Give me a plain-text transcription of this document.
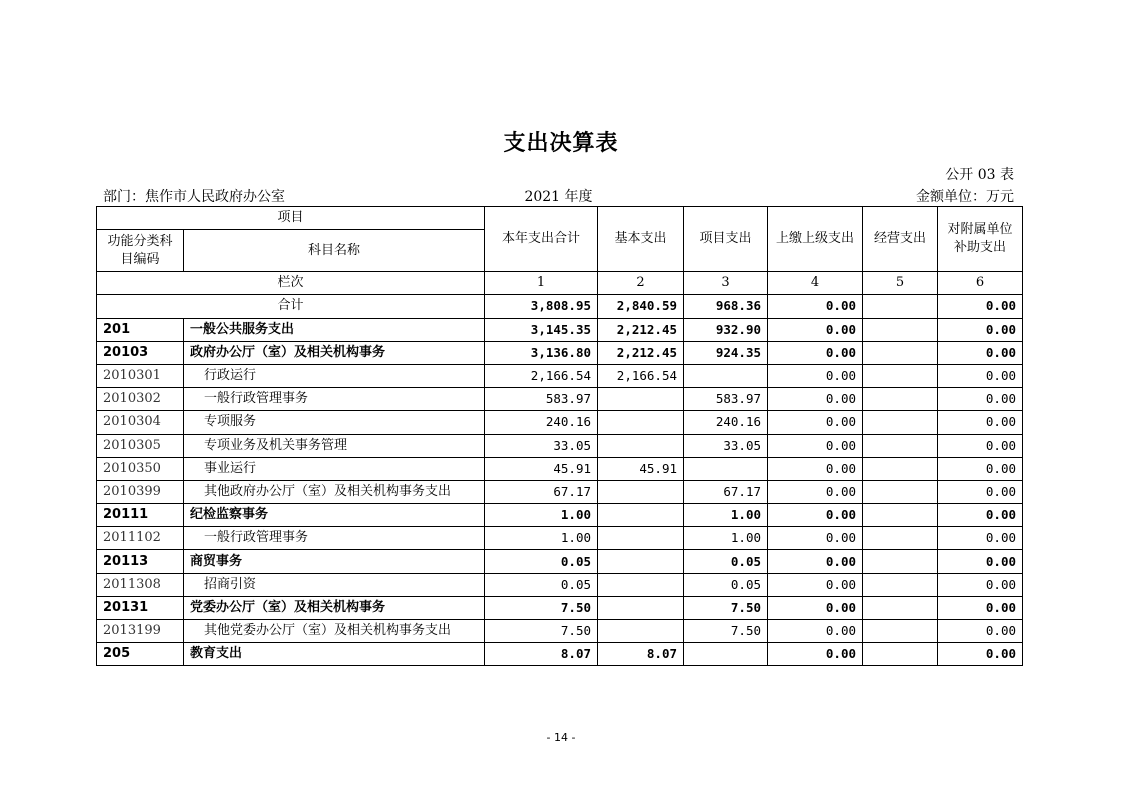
支出决算表
公开 03 表
部门：焦作市人民政府办公室	2021 年度	金额单位：万元
项目		本年支出合计	基本支出	项目支出	上缴上级支出	经营支出	对附属单位补助支出
功能分类科目编码	科目名称						
栏次		1	2	3	4	5	6
合计		3,808.95	2,840.59	968.36	0.00		0.00
201	一般公共服务支出	3,145.35	2,212.45	932.90	0.00		0.00
20103	政府办公厅（室）及相关机构事务	3,136.80	2,212.45	924.35	0.00		0.00
2010301	行政运行	2,166.54	2,166.54		0.00		0.00
2010302	一般行政管理事务	583.97		583.97	0.00		0.00
2010304	专项服务	240.16		240.16	0.00		0.00
2010305	专项业务及机关事务管理	33.05		33.05	0.00		0.00
2010350	事业运行	45.91	45.91		0.00		0.00
2010399	其他政府办公厅（室）及相关机构事务支出	67.17		67.17	0.00		0.00
20111	纪检监察事务	1.00		1.00	0.00		0.00
2011102	一般行政管理事务	1.00		1.00	0.00		0.00
20113	商贸事务	0.05		0.05	0.00		0.00
2011308	招商引资	0.05		0.05	0.00		0.00
20131	党委办公厅（室）及相关机构事务	7.50		7.50	0.00		0.00
2013199	其他党委办公厅（室）及相关机构事务支出	7.50		7.50	0.00		0.00
205	教育支出	8.07	8.07		0.00		0.00
- 14 -
